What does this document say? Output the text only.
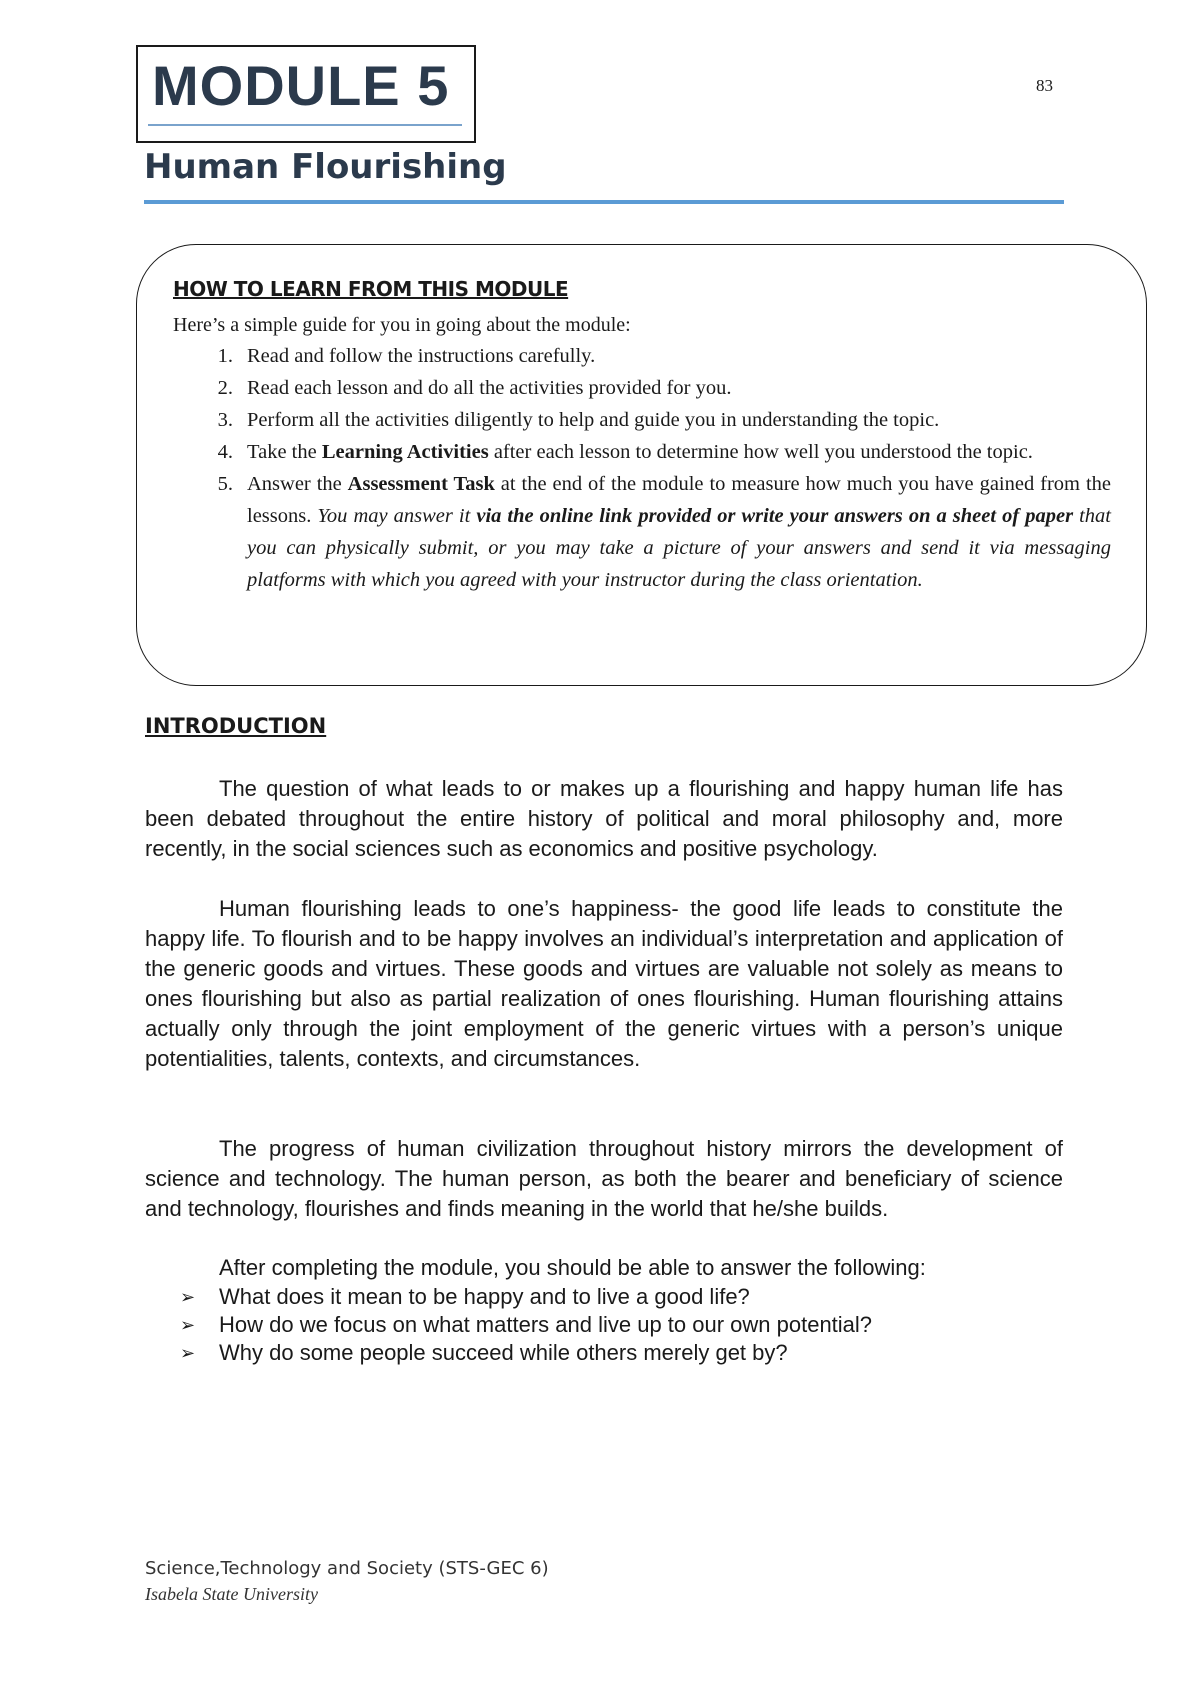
MODULE 5	83
Human Flourishing
HOW TO LEARN FROM THIS MODULE
Here’s a simple guide for you in going about the module:
1. Read and follow the instructions carefully.
2. Read each lesson and do all the activities provided for you.
3. Perform all the activities diligently to help and guide you in understanding the topic.
4. Take the Learning Activities after each lesson to determine how well you understood the topic.
5. Answer the Assessment Task at the end of the module to measure how much you have gained from the lessons. You may answer it via the online link provided or write your answers on a sheet of paper that you can physically submit, or you may take a picture of your answers and send it via messaging platforms with which you agreed with your instructor during the class orientation.
INTRODUCTION

The question of what leads to or makes up a flourishing and happy human life has been debated throughout the entire history of political and moral philosophy and, more recently, in the social sciences such as economics and positive psychology.

Human flourishing leads to one’s happiness- the good life leads to constitute the happy life. To flourish and to be happy involves an individual’s interpretation and application of the generic goods and virtues. These goods and virtues are valuable not solely as means to ones flourishing but also as partial realization of ones flourishing. Human flourishing attains actually only through the joint employment of the generic virtues with a person’s unique potentialities, talents, contexts, and circumstances.

The progress of human civilization throughout history mirrors the development of science and technology. The human person, as both the bearer and beneficiary of science and technology, flourishes and finds meaning in the world that he/she builds.

After completing the module, you should be able to answer the following:
➢	What does it mean to be happy and to live a good life?
➢	How do we focus on what matters and live up to our own potential?
➢	Why do some people succeed while others merely get by?
Science,Technology and Society (STS-GEC 6)
Isabela State University
